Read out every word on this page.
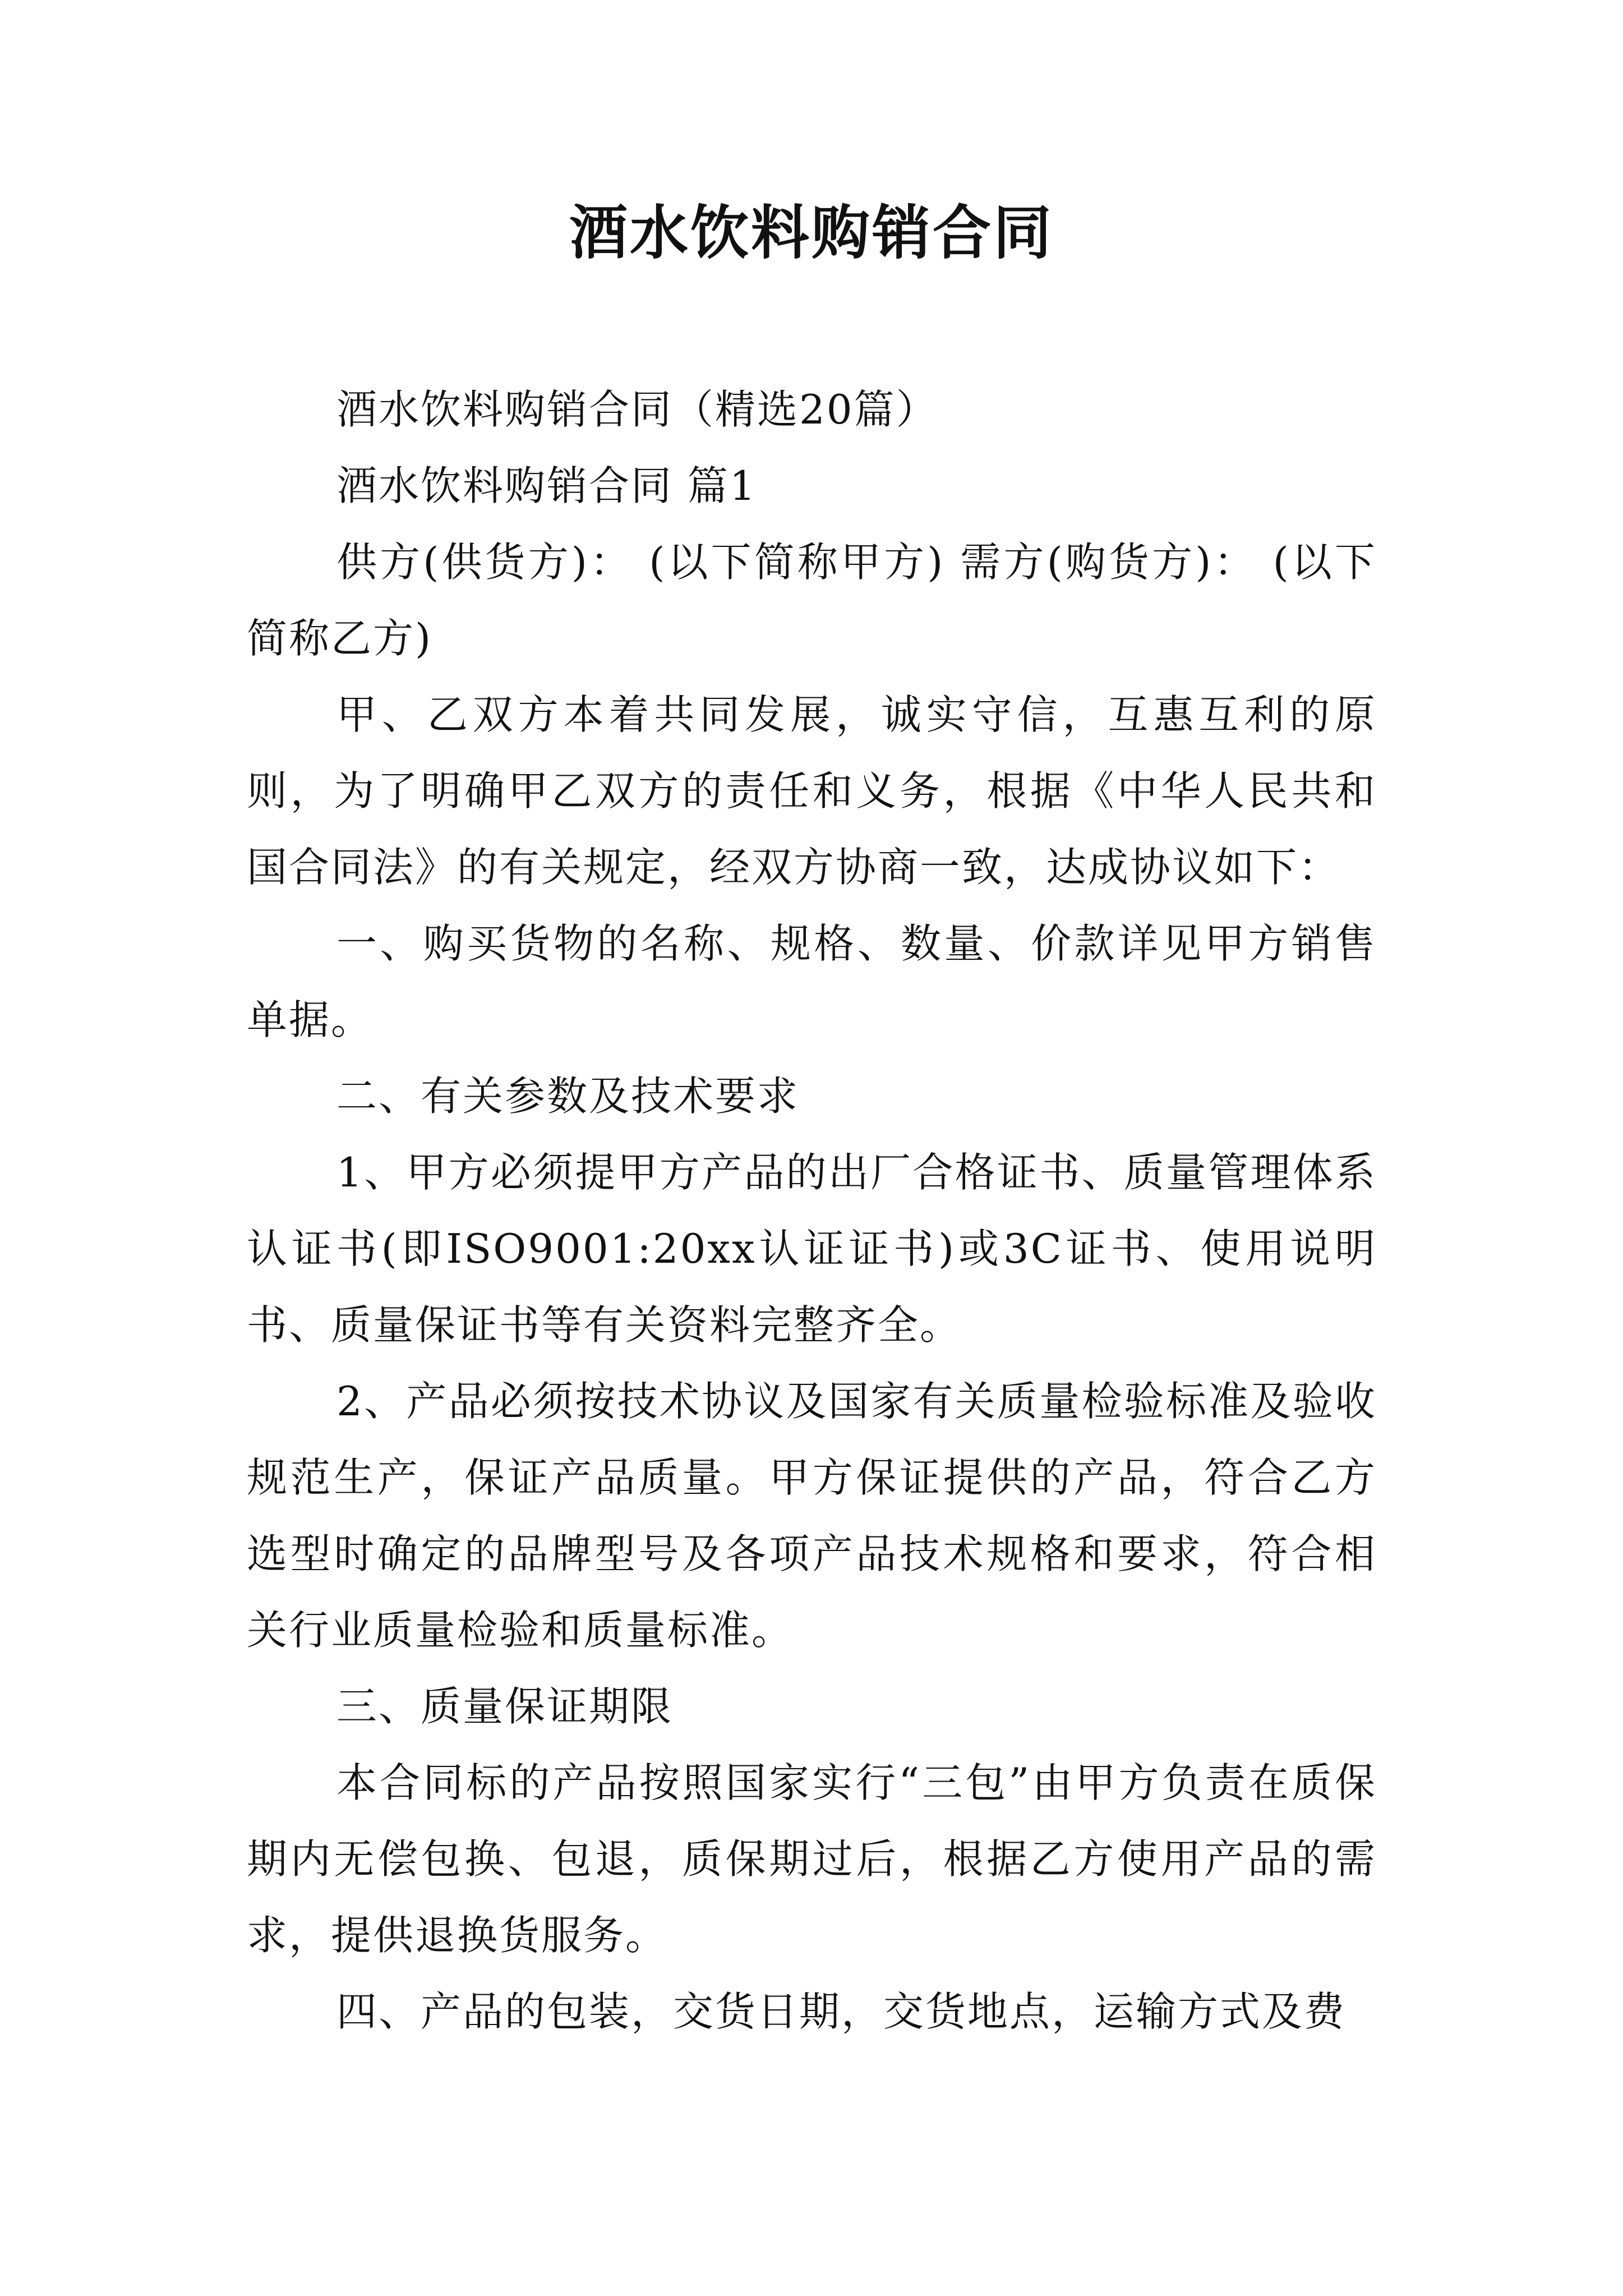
酒水饮料购销合同

酒水饮料购销合同（精选20篇）

酒水饮料购销合同 篇1

供方(供货方)： (以下简称甲方) 需方(购货方)： (以下简称乙方)

甲、乙双方本着共同发展，诚实守信，互惠互利的原则，为了明确甲乙双方的责任和义务，根据《中华人民共和国合同法》的有关规定，经双方协商一致，达成协议如下：

一、购买货物的名称、规格、数量、价款详见甲方销售单据。

二、有关参数及技术要求

1、甲方必须提甲方产品的出厂合格证书、质量管理体系认证书(即ISO9001:20xx认证证书)或3C证书、使用说明书、质量保证书等有关资料完整齐全。

2、产品必须按技术协议及国家有关质量检验标准及验收规范生产，保证产品质量。甲方保证提供的产品，符合乙方选型时确定的品牌型号及各项产品技术规格和要求，符合相关行业质量检验和质量标准。

三、质量保证期限

本合同标的产品按照国家实行“三包”由甲方负责在质保期内无偿包换、包退，质保期过后，根据乙方使用产品的需求，提供退换货服务。

四、产品的包装，交货日期，交货地点，运输方式及费
